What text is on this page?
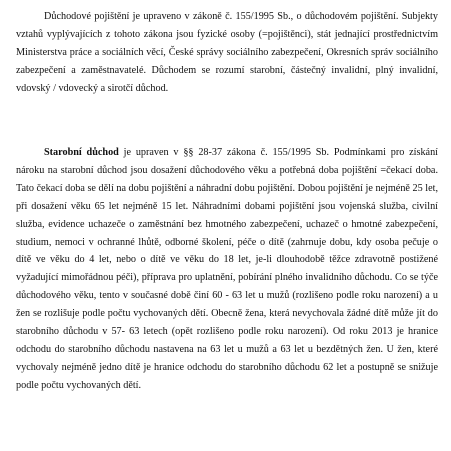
Důchodové pojištění je upraveno v zákoně č. 155/1995 Sb., o důchodovém pojištění. Subjekty vztahů vyplývajících z tohoto zákona jsou fyzické osoby (=pojištěnci), stát jednající prostřednictvím Ministerstva práce a sociálních věcí, České správy sociálního zabezpečení, Okresních správ sociálního zabezpečení a zaměstnavatelé. Důchodem se rozumí starobní, částečný invalidní, plný invalidní, vdovský / vdovecký a sirotčí důchod.

Starobní důchod je upraven v §§ 28-37 zákona č. 155/1995 Sb. Podmínkami pro získání nároku na starobní důchod jsou dosažení důchodového věku a potřebná doba pojištění =čekací doba. Tato čekací doba se dělí na dobu pojištění a náhradní dobu pojištění. Dobou pojištění je nejméně 25 let, při dosažení věku 65 let nejméně 15 let. Náhradními dobami pojištění jsou vojenská služba, civilní služba, evidence uchazeče o zaměstnání bez hmotného zabezpečení, uchazeč o hmotné zabezpečení, studium, nemoci v ochranné lhůtě, odborné školení, péče o dítě (zahrnuje dobu, kdy osoba pečuje o dítě ve věku do 4 let, nebo o dítě ve věku do 18 let, je-li dlouhodobě těžce zdravotně postižené vyžadující mimořádnou péči), příprava pro uplatnění, pobírání plného invalidního důchodu. Co se týče důchodového věku, tento v současné době činí 60 - 63 let u mužů (rozlišeno podle roku narození) a u žen se rozlišuje podle počtu vychovaných dětí. Obecně žena, která nevychovala žádné dítě může jít do starobního důchodu v 57- 63 letech (opět rozlišeno podle roku narození). Od roku 2013 je hranice odchodu do starobního důchodu nastavena na 63 let u mužů a 63 let u bezdětných žen. U žen, které vychovaly nejméně jedno dítě je hranice odchodu do starobního důchodu 62 let a postupně se snižuje podle počtu vychovaných dětí.
